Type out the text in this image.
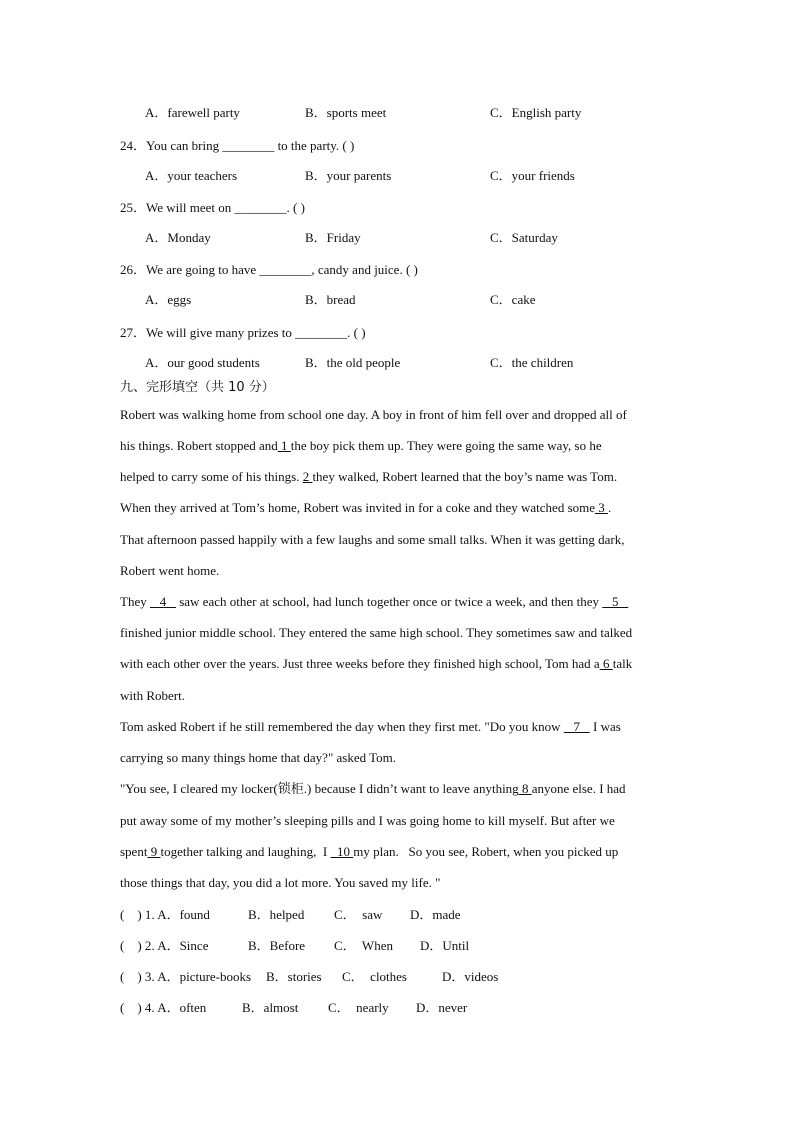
A．farewell party	B．sports meet	C．English party
24．You can bring ________ to the party. ( )
A．your teachers	B．your parents	C．your friends
25．We will meet on ________. ( )
A．Monday	B．Friday	C．Saturday
26．We are going to have ________, candy and juice. ( )
A．eggs	B．bread	C．cake
27．We will give many prizes to ________. ( )
A．our good students	B．the old people	C．the children
九、完形填空（共 10 分）
Robert was walking home from school one day. A boy in front of him fell over and dropped all of
his things. Robert stopped and 1 the boy pick them up. They were going the same way, so he
helped to carry some of his things. 2 they walked, Robert learned that the boy’s name was Tom.
When they arrived at Tom’s home, Robert was invited in for a coke and they watched some 3 .
That afternoon passed happily with a few laughs and some small talks. When it was getting dark,
Robert went home.
They    4    saw each other at school, had lunch together once or twice a week, and then they    5
finished junior middle school. They entered the same high school. They sometimes saw and talked
with each other over the years. Just three weeks before they finished high school, Tom had a 6 talk
with Robert.
Tom asked Robert if he still remembered the day when they first met. "Do you know    7    I was
carrying so many things home that day?" asked Tom.
"You see, I cleared my locker(锁柜.) because I didn’t want to leave anything 8 anyone else. I had
put away some of my mother’s sleeping pills and I was going home to kill myself. But after we
spent 9 together talking and laughing,  I   10 my plan.   So you see, Robert, when you picked up
those things that day, you did a lot more. You saved my life. "
(    ) 1. A．found	B．helped C．  saw D．made
(    ) 2. A．Since	B．Before C．  When D．Until
(    ) 3. A．picture-books B．stories C．  clothes	D．videos
(    ) 4. A．often	B．almost C．  nearly D．never
